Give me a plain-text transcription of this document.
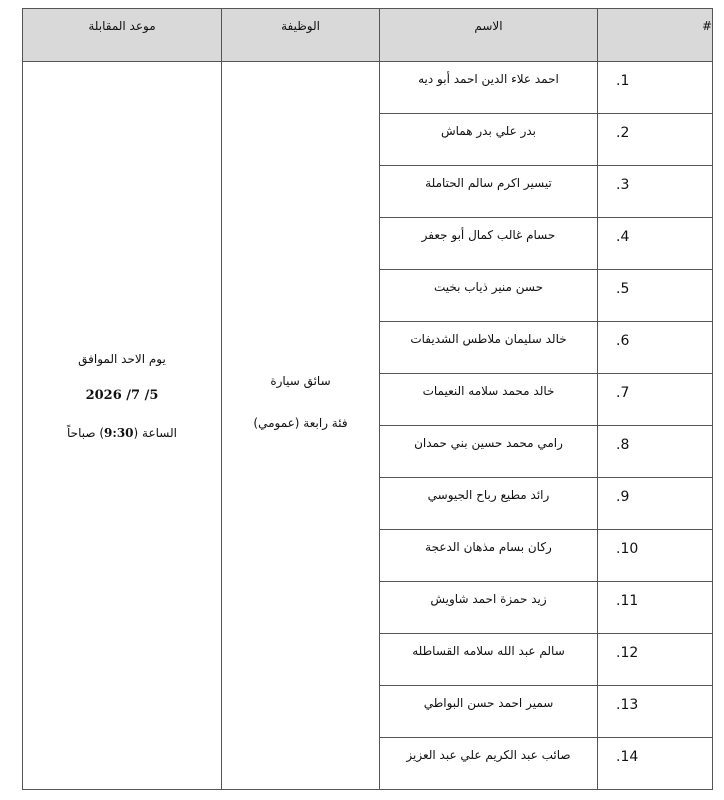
#	الاسم	الوظيفة	موعد المقابلة
.1	احمد علاء الدين احمد أبو ديه	سائق سيارة
فئة رابعة (عمومي)	يوم الاحد الموافق
2026 /7 /5
الساعة (9:30) صباحاً

.2	بدر علي بدر هماش		
.3	تيسير اكرم سالم الحتاملة		
.4	حسام غالب كمال أبو جعفر		
.5	حسن منير ذياب بخيت		
.6	خالد سليمان ملاطس الشديفات		
.7	خالد محمد سلامه النعيمات		
.8	رامي محمد حسين بني حمدان		
.9	رائد مطيع رباح الجيوسي		
.10	ركان بسام مذهان الدعجة		
.11	زيد حمزة احمد شاويش		
.12	سالم عبد الله سلامه القساطله		
.13	سمير احمد حسن البواطي		
.14	صائب عبد الكريم علي عبد العزيز		
